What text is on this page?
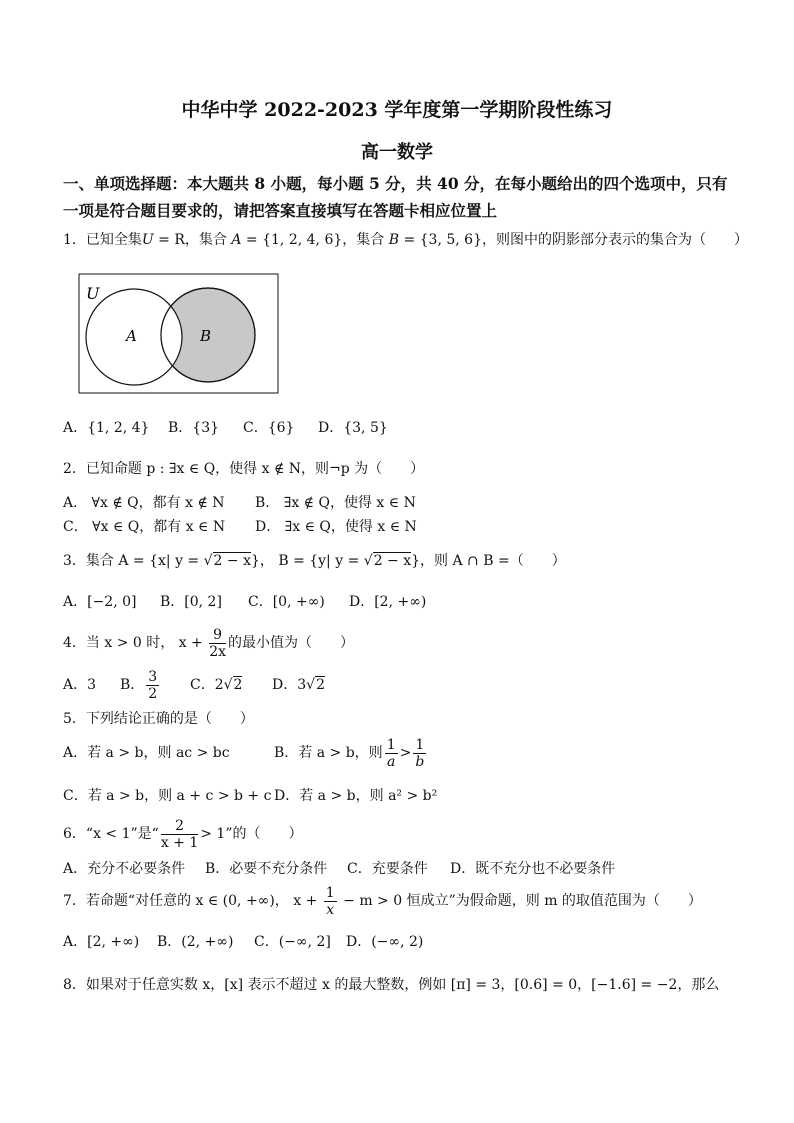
中华中学 2022-2023 学年度第一学期阶段性练习
高一数学
一、单项选择题：本大题共 8 小题，每小题 5 分，共 40 分，在每小题给出的四个选项中，只有一项是符合题目要求的，请把答案直接填写在答题卡相应位置上
1．已知全集U = R，集合 A = {1, 2, 4, 6}，集合 B = {3, 5, 6}，则图中的阴影部分表示的集合为（　　）
U
A	B
A．{1, 2, 4} B．{3} C．{6} D．{3, 5}
2．已知命题 p : ∃x ∈ Q，使得 x ∉ N，则¬p 为（　　）
A． ∀x ∉ Q，都有 x ∉ N B． ∃x ∉ Q，使得 x ∈ N
C． ∀x ∈ Q，都有 x ∈ N D． ∃x ∈ Q，使得 x ∈ N
3．集合 A = {x| y = √2 − x}， B = {y| y = √2 − x}，则 A ∩ B =（　　）
A．[−2, 0] B．[0, 2] C．[0, +∞) D．[2, +∞)
4．当 x > 0 时， $x + \frac{9}{2x}$ 的最小值为（　　）
A．3 B． $\frac{3}{2}$ C．2√2 D．3√2
5．下列结论正确的是（　　）
A．若 a > b，则 ac > bc	B．若 a > b，则 $\frac{1}{a} > \frac{1}{b}$
C．若 a > b，则 a + c > b + c D．若 a > b，则 a² > b²
6．“x < 1”是“ $\frac{2}{x + 1} > 1$”的（　　）
A．充分不必要条件 B．必要不充分条件 C．充要条件 D．既不充分也不必要条件
7．若命题“对任意的 x ∈ (0, +∞)， $x + \frac{1}{x} - m > 0$ 恒成立”为假命题，则 m 的取值范围为（　　）
A．[2, +∞) B．(2, +∞) C．(−∞, 2] D．(−∞, 2)
8．如果对于任意实数 x，[x] 表示不超过 x 的最大整数，例如 [π] = 3，[0.6] = 0，[−1.6] = −2，那么
